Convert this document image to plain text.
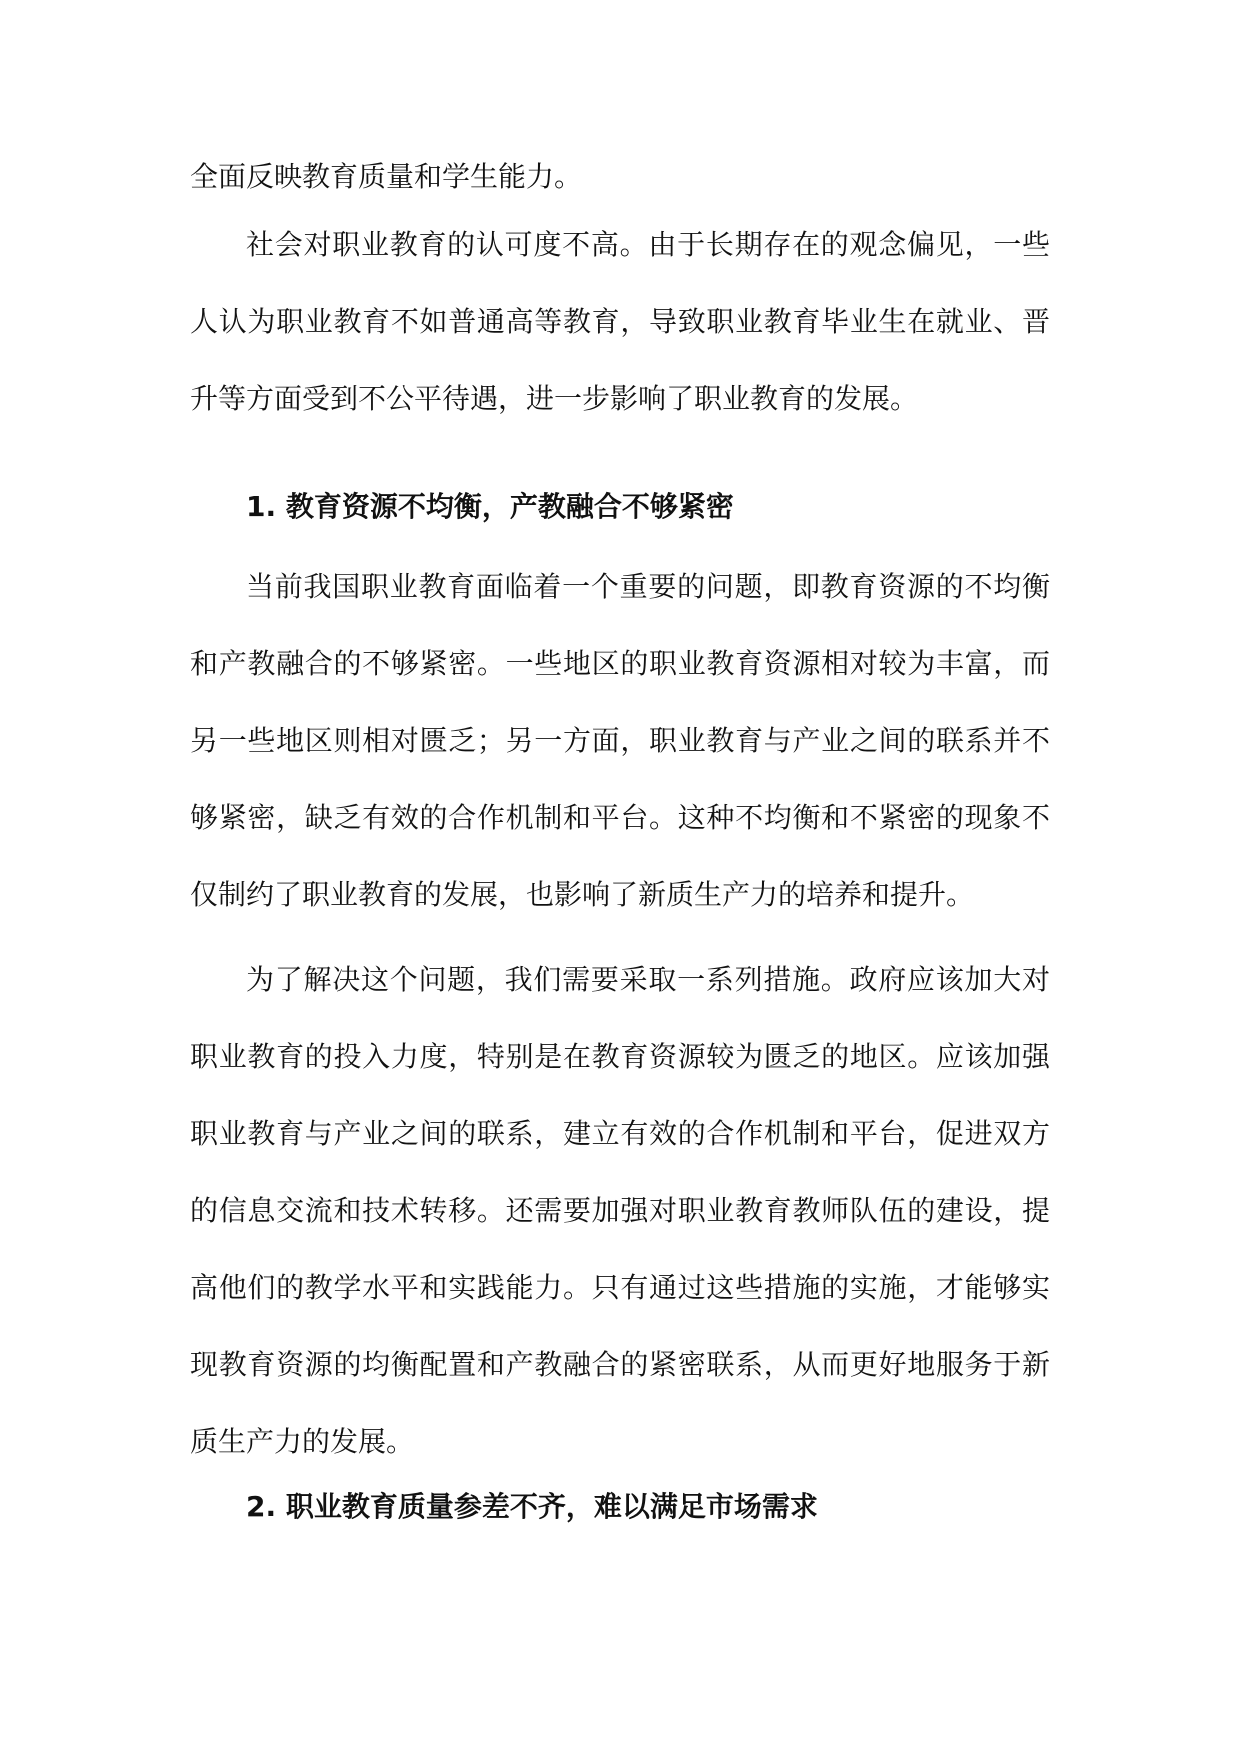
全面反映教育质量和学生能力。

社会对职业教育的认可度不高。由于长期存在的观念偏见，一些人认为职业教育不如普通高等教育，导致职业教育毕业生在就业、晋升等方面受到不公平待遇，进一步影响了职业教育的发展。

1. 教育资源不均衡，产教融合不够紧密

当前我国职业教育面临着一个重要的问题，即教育资源的不均衡和产教融合的不够紧密。一些地区的职业教育资源相对较为丰富，而另一些地区则相对匮乏；另一方面，职业教育与产业之间的联系并不够紧密，缺乏有效的合作机制和平台。这种不均衡和不紧密的现象不仅制约了职业教育的发展，也影响了新质生产力的培养和提升。

为了解决这个问题，我们需要采取一系列措施。政府应该加大对职业教育的投入力度，特别是在教育资源较为匮乏的地区。应该加强职业教育与产业之间的联系，建立有效的合作机制和平台，促进双方的信息交流和技术转移。还需要加强对职业教育教师队伍的建设，提高他们的教学水平和实践能力。只有通过这些措施的实施，才能够实现教育资源的均衡配置和产教融合的紧密联系，从而更好地服务于新质生产力的发展。

2. 职业教育质量参差不齐，难以满足市场需求
